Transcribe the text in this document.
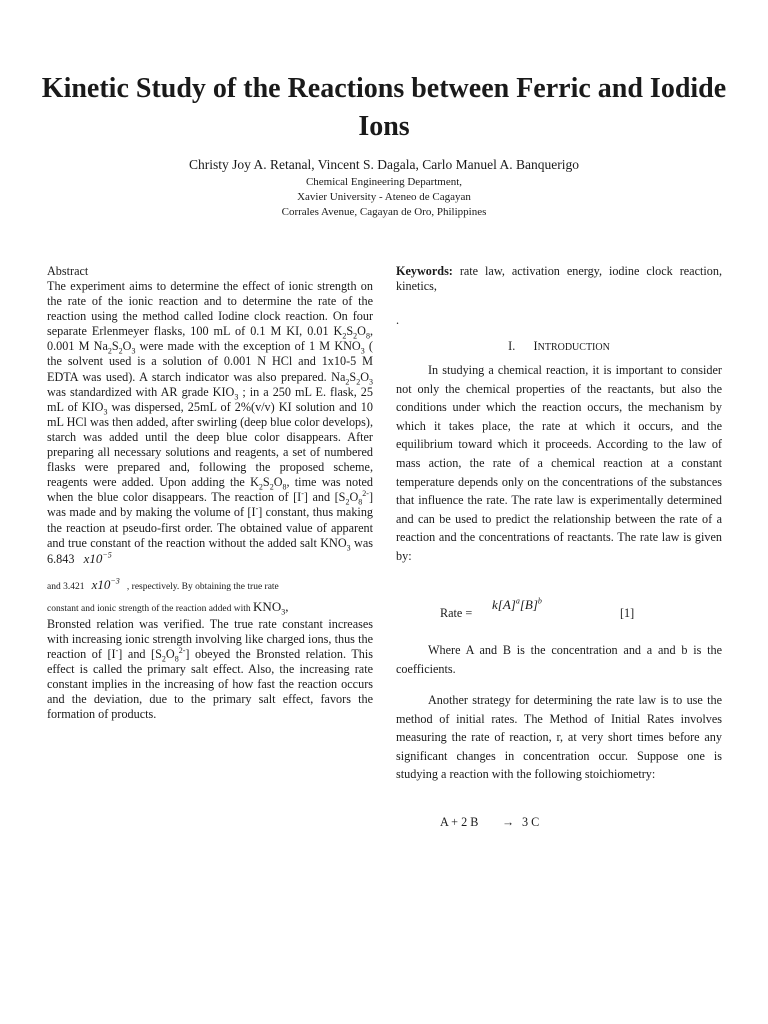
Kinetic Study of the Reactions between Ferric and Iodide Ions
Christy Joy A. Retanal, Vincent S. Dagala, Carlo Manuel A. Banquerigo
Chemical Engineering Department,
Xavier University - Ateneo de Cagayan
Corrales Avenue, Cagayan de Oro, Philippines
Abstract

The experiment aims to determine the effect of ionic strength on the rate of the ionic reaction and to determine the rate of the reaction using the method called Iodine clock reaction. On four separate Erlenmeyer flasks, 100 mL of 0.1 M KI, 0.01 $K_2S_2O_8$, 0.001 M $Na_2S_2O_3$ were made with the exception of 1 M $KNO_3$ ( the solvent used is a solution of 0.001 N HCl and 1x10-5 M EDTA was used). A starch indicator was also prepared. $Na_2S_2O_3$ was standardized with AR grade $KIO_3$ ; in a 250 mL E. flask, 25 mL of $KIO_3$ was dispersed, 25mL of 2%(v/v) KI solution and 10 mL HCl was then added, after swirling (deep blue color develops), starch was added until the deep blue color disappears. After preparing all necessary solutions and reagents, a set of numbered flasks were prepared and, following the proposed scheme, reagents were added. Upon adding the $K_2S_2O_8$, time was noted when the blue color disappears. The reaction of [I-] and $[S_2O_8^{2-}]$ was made and by making the volume of [I-] constant, thus making the reaction at pseudo-first order. The obtained value of apparent and true constant of the reaction without the added salt $KNO_3$ was 6.843 $x10^{-5}$

and 3.421 $x10^{-3}$   , respectively. By obtaining the true rate

constant and ionic strength of the reaction added with $KNO_3$,

Bronsted relation was verified. The true rate constant increases with increasing ionic strength involving like charged ions, thus the reaction of [I-] and $[S_2O_8^{2-}]$ obeyed the Bronsted relation. This effect is called the primary salt effect. Also, the increasing rate constant implies in the increasing of how fast the reaction occurs and the deviation, due to the primary salt effect, favors the formation of products.

Keywords: rate law, activation energy, iodine clock reaction, kinetics,

.
I. INTRODUCTION

In studying a chemical reaction, it is important to consider not only the chemical properties of the reactants, but also the conditions under which the reaction occurs, the mechanism by which it takes place, the rate at which it occurs, and the equilibrium toward which it proceeds. According to the law of mass action, the rate of a chemical reaction at a constant temperature depends only on the concentrations of the substances that influence the rate. The rate law is experimentally determined and can be used to predict the relationship between the rate of a reaction and the concentrations of reactants. The rate law is given by:

Rate =
$k[A]^a[B]^b$
[1]

Where A and B is the concentration and a and b is the coefficients.

Another strategy for determining the rate law is to use the method of initial rates. The Method of Initial Rates involves measuring the rate of reaction, r, at very short times before any significant changes in concentration occur. Suppose one is studying a reaction with the following stoichiometry:

A + 2 B → 3 C
